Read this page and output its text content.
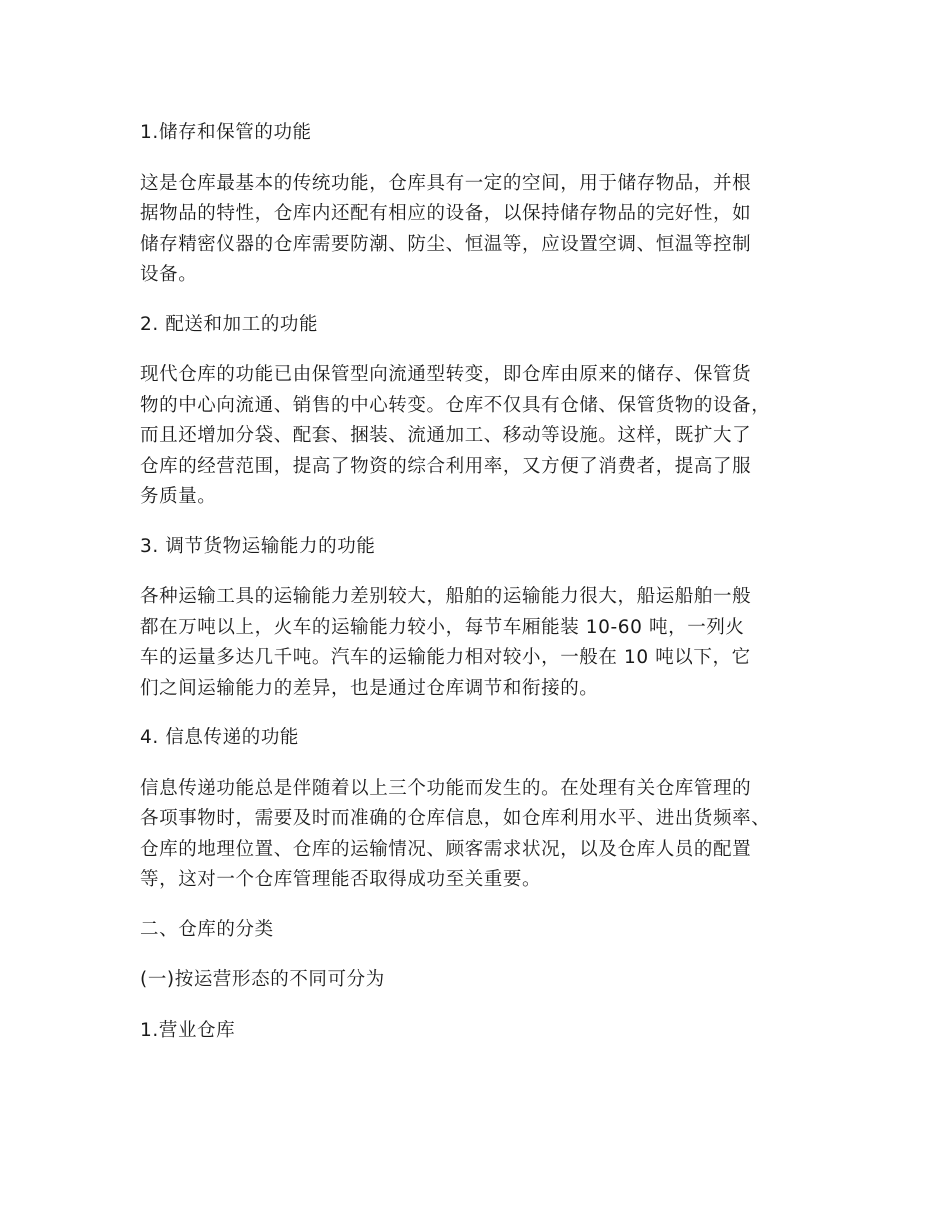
1.储存和保管的功能
这是仓库最基本的传统功能，仓库具有一定的空间，用于储存物品，并根
据物品的特性，仓库内还配有相应的设备，以保持储存物品的完好性，如
储存精密仪器的仓库需要防潮、防尘、恒温等，应设置空调、恒温等控制
设备。
2. 配送和加工的功能
现代仓库的功能已由保管型向流通型转变，即仓库由原来的储存、保管货
物的中心向流通、销售的中心转变。仓库不仅具有仓储、保管货物的设备，
而且还增加分袋、配套、捆装、流通加工、移动等设施。这样，既扩大了
仓库的经营范围，提高了物资的综合利用率，又方便了消费者，提高了服
务质量。
3. 调节货物运输能力的功能
各种运输工具的运输能力差别较大，船舶的运输能力很大，船运船舶一般
都在万吨以上，火车的运输能力较小，每节车厢能装 10-60 吨，一列火
车的运量多达几千吨。汽车的运输能力相对较小，一般在 10 吨以下，它
们之间运输能力的差异，也是通过仓库调节和衔接的。
4. 信息传递的功能
信息传递功能总是伴随着以上三个功能而发生的。在处理有关仓库管理的
各项事物时，需要及时而准确的仓库信息，如仓库利用水平、进出货频率、
仓库的地理位置、仓库的运输情况、顾客需求状况，以及仓库人员的配置
等，这对一个仓库管理能否取得成功至关重要。
二、仓库的分类
(一)按运营形态的不同可分为
1.营业仓库
